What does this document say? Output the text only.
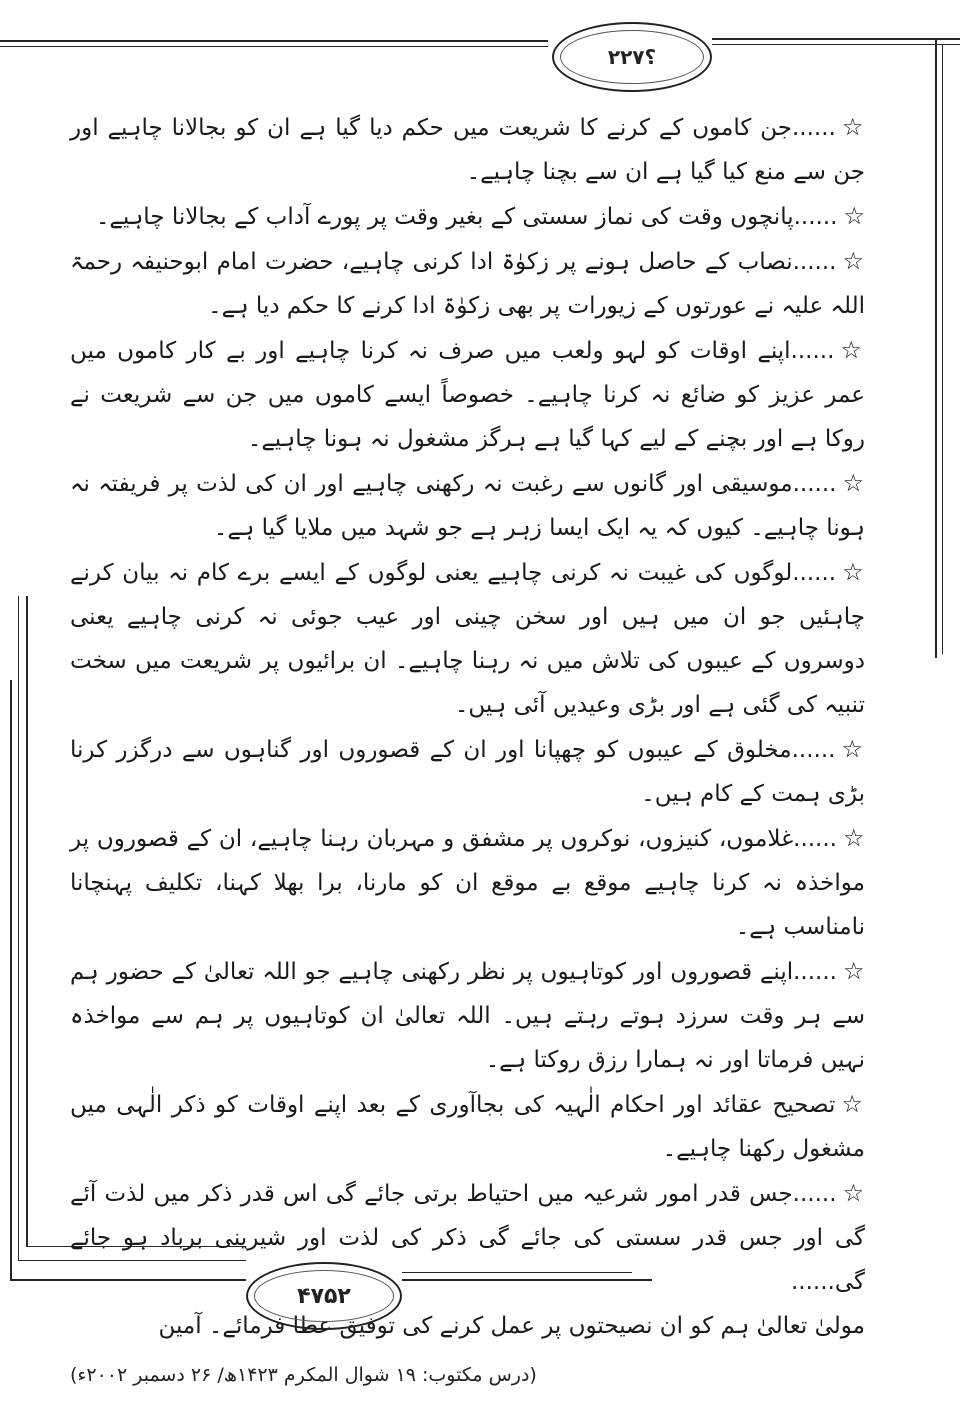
۲۲۷؟

☆......جن کاموں کے کرنے کا شریعت میں حکم دیا گیا ہے ان کو بجالانا چاہیے اور جن سے منع کیا گیا ہے ان سے بچنا چاہیے۔

☆......پانچوں وقت کی نماز سستی کے بغیر وقت پر پورے آداب کے بجالانا چاہیے۔

☆......نصاب کے حاصل ہونے پر زکوٰۃ ادا کرنی چاہیے، حضرت امام ابوحنیفہ رحمۃ اللہ علیہ نے عورتوں کے زیورات پر بھی زکوٰۃ ادا کرنے کا حکم دیا ہے۔

☆......اپنے اوقات کو لہو ولعب میں صرف نہ کرنا چاہیے اور بے کار کاموں میں عمر عزیز کو ضائع نہ کرنا چاہیے۔ خصوصاً ایسے کاموں میں جن سے شریعت نے روکا ہے اور بچنے کے لیے کہا گیا ہے ہرگز مشغول نہ ہونا چاہیے۔

☆......موسیقی اور گانوں سے رغبت نہ رکھنی چاہیے اور ان کی لذت پر فریفتہ نہ ہونا چاہیے۔ کیوں کہ یہ ایک ایسا زہر ہے جو شہد میں ملایا گیا ہے۔

☆......لوگوں کی غیبت نہ کرنی چاہیے یعنی لوگوں کے ایسے برے کام نہ بیان کرنے چاہئیں جو ان میں ہیں اور سخن چینی اور عیب جوئی نہ کرنی چاہیے یعنی دوسروں کے عیبوں کی تلاش میں نہ رہنا چاہیے۔ ان برائیوں پر شریعت میں سخت تنبیہ کی گئی ہے اور بڑی وعیدیں آئی ہیں۔

☆......مخلوق کے عیبوں کو چھپانا اور ان کے قصوروں اور گناہوں سے درگزر کرنا بڑی ہمت کے کام ہیں۔

☆......غلاموں، کنیزوں، نوکروں پر مشفق و مہربان رہنا چاہیے، ان کے قصوروں پر مواخذہ نہ کرنا چاہیے موقع بے موقع ان کو مارنا، برا بھلا کہنا، تکلیف پہنچانا نامناسب ہے۔

☆......اپنے قصوروں اور کوتاہیوں پر نظر رکھنی چاہیے جو اللہ تعالیٰ کے حضور ہم سے ہر وقت سرزد ہوتے رہتے ہیں۔ اللہ تعالیٰ ان کوتاہیوں پر ہم سے مواخذہ نہیں فرماتا اور نہ ہمارا رزق روکتا ہے۔

☆تصحیح عقائد اور احکام الٰہیہ کی بجاآوری کے بعد اپنے اوقات کو ذکر الٰہی میں مشغول رکھنا چاہیے۔

☆......جس قدر امور شرعیہ میں احتیاط برتی جائے گی اس قدر ذکر میں لذت آئے گی اور جس قدر سستی کی جائے گی ذکر کی لذت اور شیرینی برباد ہو جائے گی......

مولیٰ تعالیٰ ہم کو ان نصیحتوں پر عمل کرنے کی توفیق عطا فرمائے۔ آمین

(درس مکتوب: ۱۹ شوال المکرم ۱۴۲۳ھ/ ۲۶ دسمبر ۲۰۰۲ء)

۴۷۵۲
